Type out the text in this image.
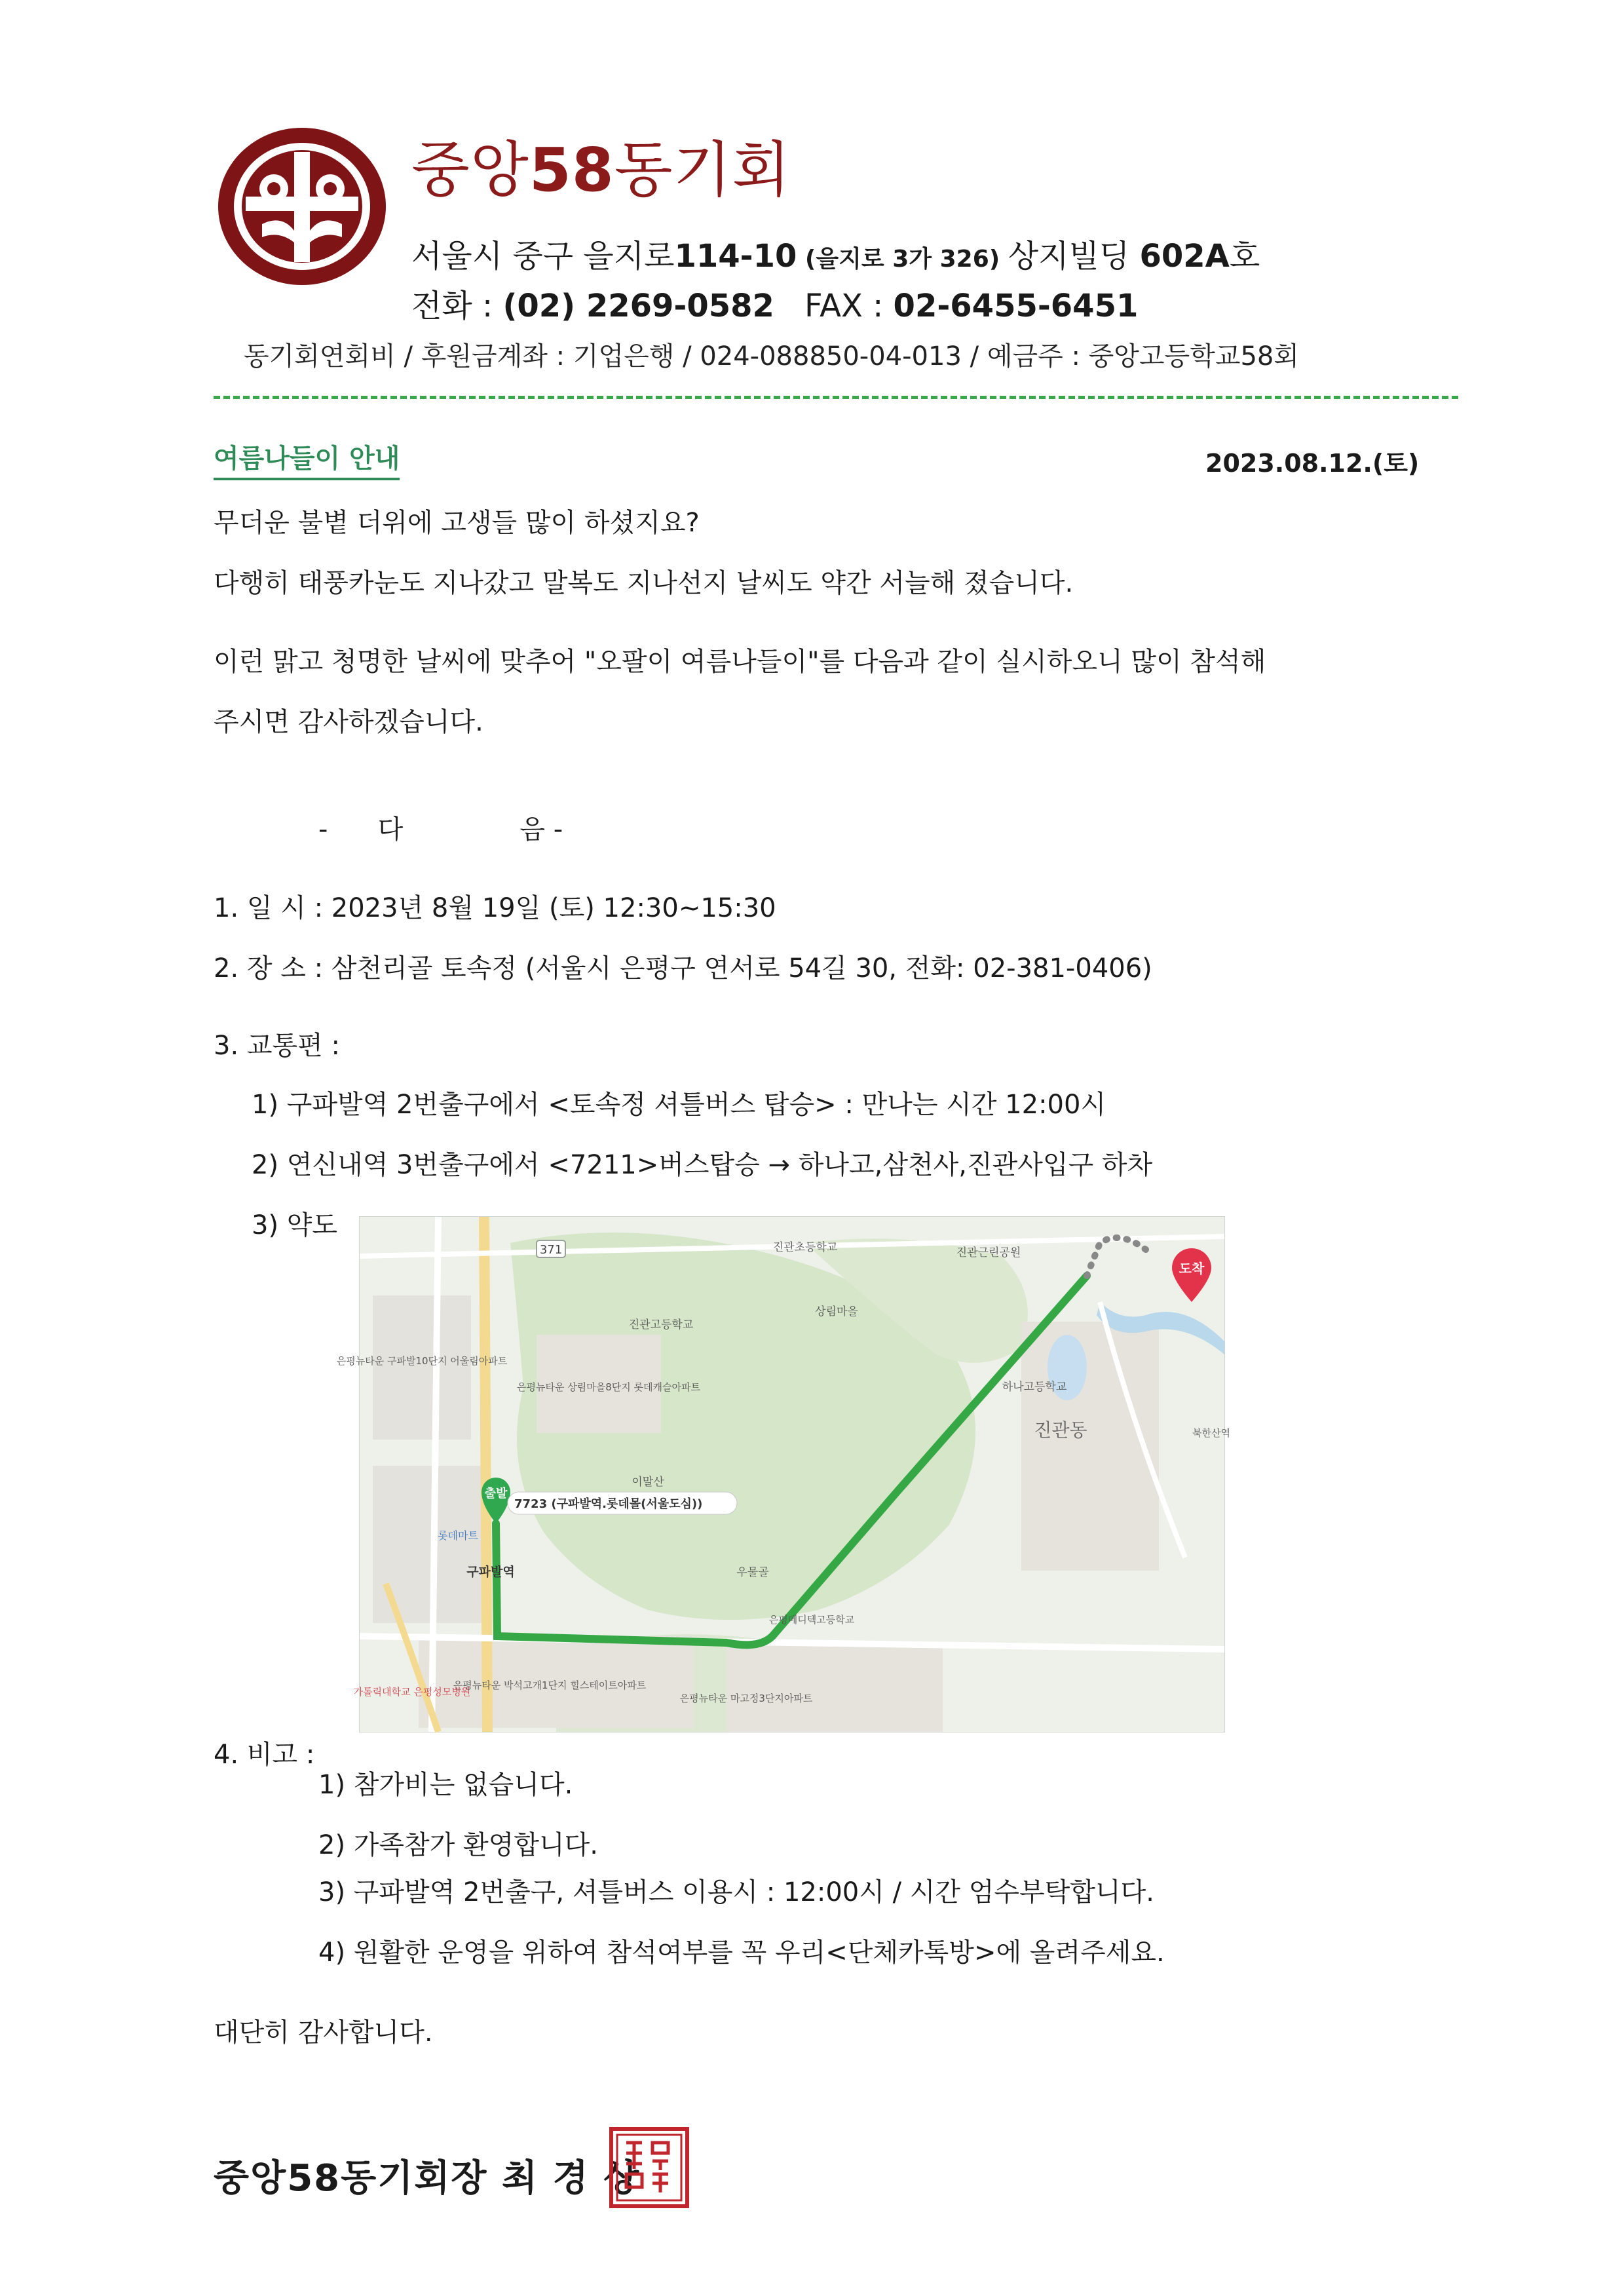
중앙58동기회
서울시 중구 을지로114-10 (을지로 3가 326) 상지빌딩 602A호
전화 : (02) 2269-0582 FAX : 02-6455-6451
동기회연회비 / 후원금계좌 : 기업은행 / 024-088850-04-013 / 예금주 : 중앙고등학교58회
여름나들이 안내	2023.08.12.(토)
무더운 불볕 더위에 고생들 많이 하셨지요?
다행히 태풍카눈도 지나갔고 말복도 지나선지 날씨도 약간 서늘해 졌습니다.
이런 맑고 청명한 날씨에 맞추어 "오팔이 여름나들이"를 다음과 같이 실시하오니 많이 참석해
주시면 감사하겠습니다.
-      다              음 -
1. 일 시 : 2023년 8월 19일 (토) 12:30~15:30
2. 장 소 : 삼천리골 토속정 (서울시 은평구 연서로 54길 30, 전화: 02-381-0406)
3. 교통편 :
1) 구파발역 2번출구에서 <토속정 셔틀버스 탑승> : 만나는 시간 12:00시
2) 연신내역 3번출구에서 <7211>버스탑승 → 하나고,삼천사,진관사입구 하차
3) 약도
371
출발
7723 (구파발역.롯데몰(서울도심))
도착
진관초등학교	진관근린공원
상림마을
진관고등학교
은평뉴타운 구파발10단지 어울림아파트
은평뉴타운 상림마을8단지 롯데캐슬아파트	하나고등학교
진관동	북한산역
이말산
롯데마트
구파발역	우물골
은평메디텍고등학교
은평뉴타운 박석고개1단지 힐스테이트아파트
은평뉴타운 마고정3단지아파트
가톨릭대학교 은평성모병원
4. 비고 :
1) 참가비는 없습니다.
2) 가족참가 환영합니다.
3) 구파발역 2번출구, 셔틀버스 이용시 : 12:00시 / 시간 엄수부탁합니다.
4) 원활한 운영을 위하여 참석여부를 꼭 우리<단체카톡방>에 올려주세요.
대단히 감사합니다.
중앙58동기회장 최 경 상
